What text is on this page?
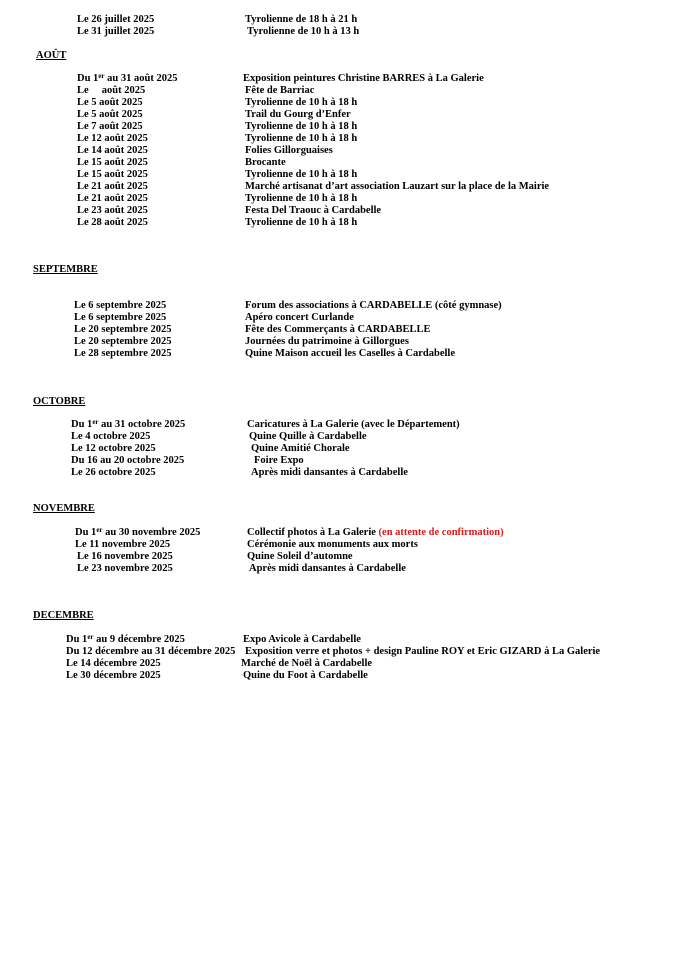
Le 26 juillet 2025	Tyrolienne de 18 h à 21 h
Le 31 juillet 2025	Tyrolienne de 10 h à 13 h
AOÛT
Du 1er au 31 août 2025	Exposition peintures Christine BARRES à La Galerie
Le     août 2025	Fête de Barriac
Le 5 août 2025	Tyrolienne de 10 h à 18 h
Le 5 août 2025	Trail du Gourg d’Enfer
Le 7 août 2025	Tyrolienne de 10 h à 18 h
Le 12 août 2025	Tyrolienne de 10 h à 18 h
Le 14 août 2025	Folies Gillorguaises
Le 15 août 2025	Brocante
Le 15 août 2025	Tyrolienne de 10 h à 18 h
Le 21 août 2025	Marché artisanat d’art association Lauzart sur la place de la Mairie
Le 21 août 2025	Tyrolienne de 10 h à 18 h
Le 23 août 2025	Festa Del Traouc à Cardabelle
Le 28 août 2025	Tyrolienne de 10 h à 18 h
SEPTEMBRE
Le 6 septembre 2025	Forum des associations à CARDABELLE (côté gymnase)
Le 6 septembre 2025	Apéro concert Curlande
Le 20 septembre 2025	Fête des Commerçants à CARDABELLE
Le 20 septembre 2025	Journées du patrimoine à Gillorgues
Le 28 septembre 2025	Quine Maison accueil les Caselles à Cardabelle
OCTOBRE
Du 1er au 31 octobre 2025	Caricatures à La Galerie (avec le Département)
Le 4 octobre 2025	Quine Quille à Cardabelle
Le 12 octobre 2025	Quine Amitié Chorale
Du 16 au 20 octobre 2025	Foire Expo
Le 26 octobre 2025	Après midi dansantes à Cardabelle
NOVEMBRE
Du 1er au 30 novembre 2025	Collectif photos à La Galerie (en attente de confirmation)
Le 11 novembre 2025	Cérémonie aux monuments aux morts
Le 16 novembre 2025	Quine Soleil d’automne
Le 23 novembre 2025	Après midi dansantes à Cardabelle
DECEMBRE
Du 1er au 9 décembre 2025	Expo Avicole à Cardabelle
Du 12 décembre au 31 décembre 2025 Exposition verre et photos + design Pauline ROY et Eric GIZARD à La Galerie
Le 14 décembre 2025	Marché de Noël à Cardabelle
Le 30 décembre 2025	Quine du Foot à Cardabelle
